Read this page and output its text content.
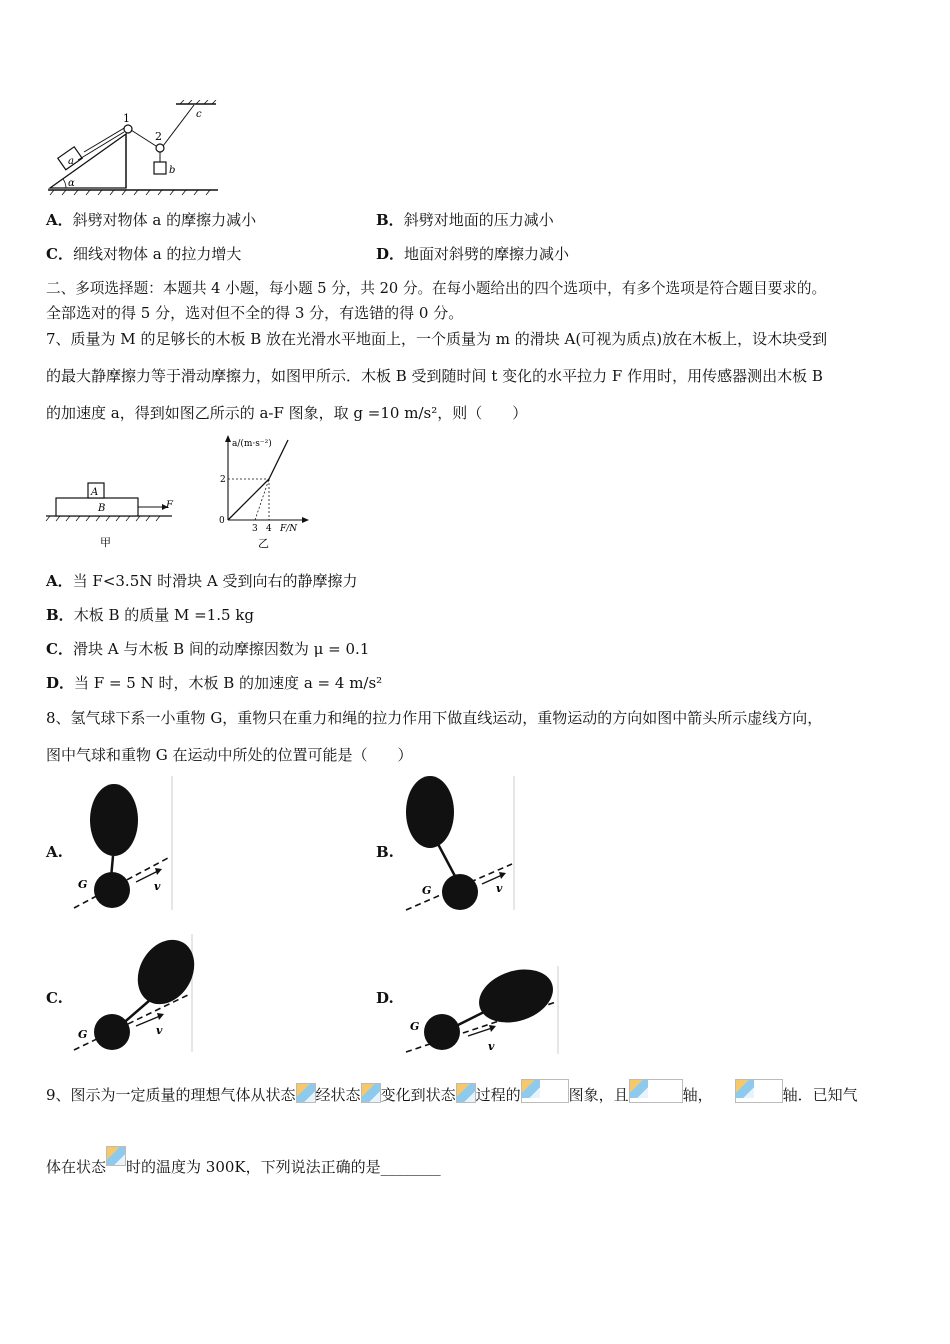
a
1
2
c
b
α
A．斜劈对物体 a 的摩擦力减小	B．斜劈对地面的压力减小
C．细线对物体 a 的拉力增大	D．地面对斜劈的摩擦力减小
二、多项选择题：本题共 4 小题，每小题 5 分，共 20 分。在每小题给出的四个选项中，有多个选项是符合题目要求的。
全部选对的得 5 分，选对但不全的得 3 分，有选错的得 0 分。
7、质量为 M 的足够长的木板 B 放在光滑水平地面上，一个质量为 m 的滑块 A(可视为质点)放在木板上，设木块受到
的最大静摩擦力等于滑动摩擦力，如图甲所示．木板 B 受到随时间 t 变化的水平拉力 F 作用时，用传感器测出木板 B
的加速度 a，得到如图乙所示的 a-F 图象，取 g =10 m/s²，则（　　）
A
B	F
甲
a/(m·s⁻²)
2
0
3 4 F/N
乙
A．当 F<3.5N 时滑块 A 受到向右的静摩擦力
B．木板 B 的质量 M =1.5 kg
C．滑块 A 与木板 B 间的动摩擦因数为 μ = 0.1
D．当 F = 5 N 时，木板 B 的加速度 a = 4 m/s²
8、氢气球下系一小重物 G，重物只在重力和绳的拉力作用下做直线运动，重物运动的方向如图中箭头所示虚线方向，
图中气球和重物 G 在运动中所处的位置可能是（　　）
A.	B.
C.	D.
G	v	G	v
G	v	G
v
9、图示为一定质量的理想气体从状态 经状态 变化到状态 过程的	图象，且	轴，	轴．已知气
体在状态 时的温度为 300K，下列说法正确的是________
